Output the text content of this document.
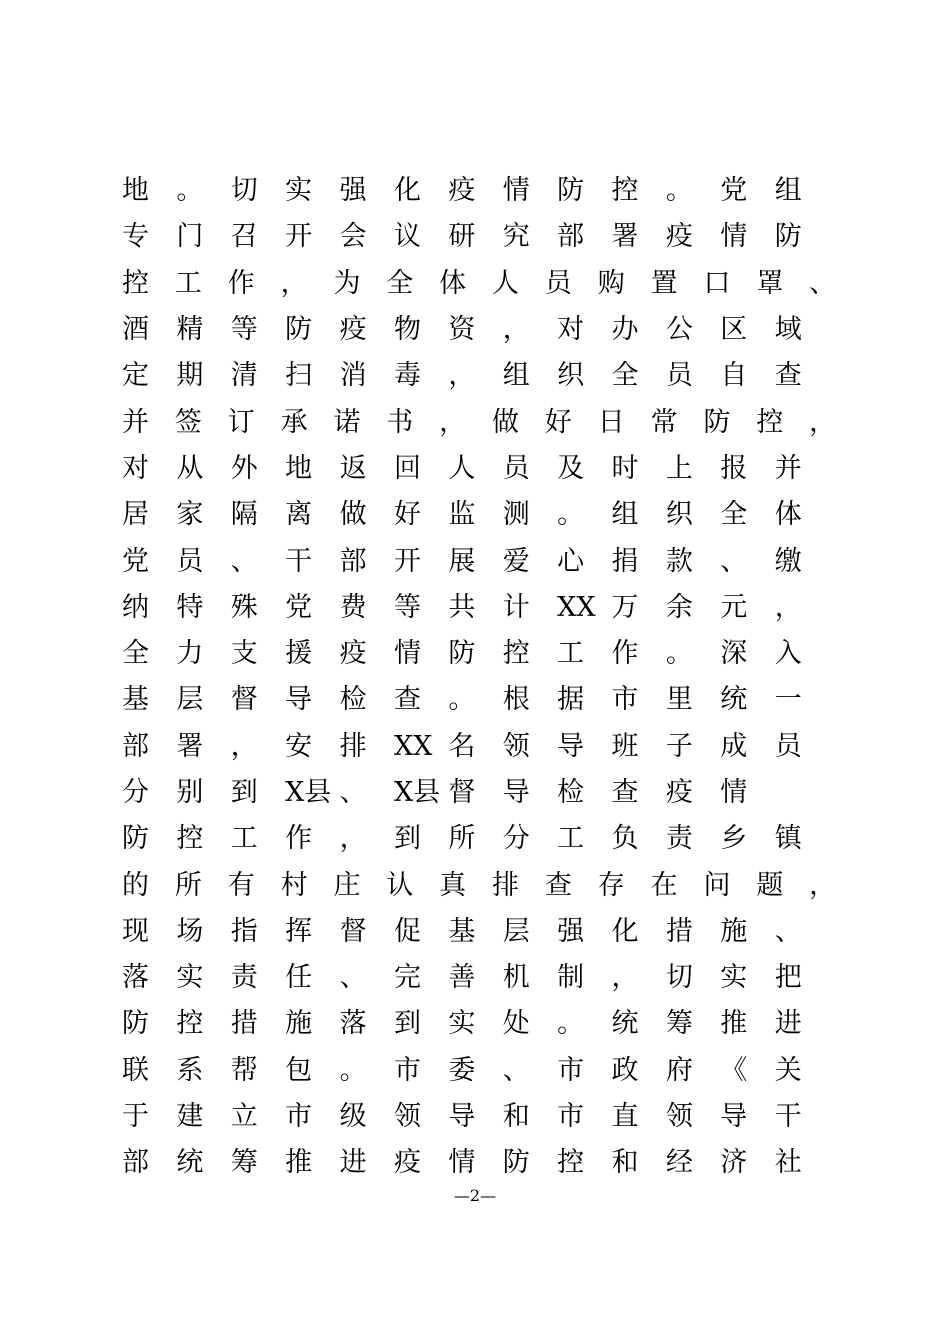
地	。	切	实	强	化	疫	情	防	控	。	党	组
专	门	召	开	会	议	研	究	部	署	疫	情	防
控 工 作 ， 为 全 体 人 员 购 置 口 罩 、
酒	精	等	防	疫	物	资	，	对	办	公	区	域
定	期	清	扫	消	毒	，	组	织	全	员	自	查
并 签 订 承 诺 书 ， 做 好 日 常 防 控 ，
对	从	外	地	返	回	人	员	及	时	上	报	并
居	家	隔	离	做	好	监	测	。	组	织	全	体
党	员	、	干	部	开	展	爱	心	捐	款	、	缴
纳	特	殊	党	费	等	共	计	XX 万	余	元	，
全	力	支	援	疫	情	防	控	工	作	。	深	入
基	层	督	导	检	查	。	根	据	市	里	统	一
部	署	，	安	排	XX 名	领	导	班	子	成	员
分	别	到	X县 、	X县 督	导	检	查	疫	情
防	控	工	作	，	到	所	分	工	负	责	乡	镇
的 所 有 村 庄 认 真 排 查 存 在 问 题 ，
现	场	指	挥	督	促	基	层	强	化	措	施	、
落	实	责	任	、	完	善	机	制	，	切	实	把
防	控	措	施	落	到	实	处	。	统	筹	推	进
联	系	帮	包	。	市	委	、	市	政	府	《	关
于	建	立	市	级	领	导	和	市	直	领	导	干
部	统	筹	推	进	疫	情	防	控	和	经	济	社
—2—
